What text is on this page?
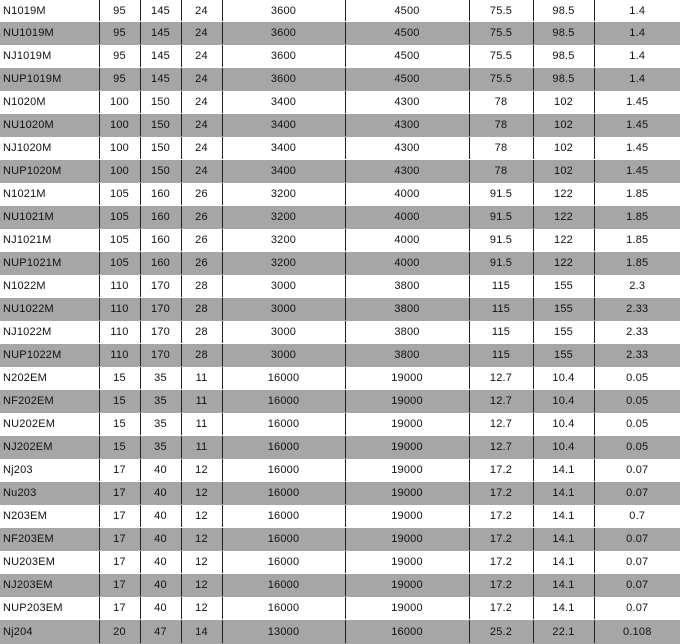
N1019M	95	145	24	3600	4500	75.5	98.5	1.4
NU1019M	95	145	24	3600	4500	75.5	98.5	1.4
NJ1019M	95	145	24	3600	4500	75.5	98.5	1.4
NUP1019M	95	145	24	3600	4500	75.5	98.5	1.4
N1020M	100	150	24	3400	4300	78	102	1.45
NU1020M	100	150	24	3400	4300	78	102	1.45
NJ1020M	100	150	24	3400	4300	78	102	1.45
NUP1020M	100	150	24	3400	4300	78	102	1.45
N1021M	105	160	26	3200	4000	91.5	122	1.85
NU1021M	105	160	26	3200	4000	91.5	122	1.85
NJ1021M	105	160	26	3200	4000	91.5	122	1.85
NUP1021M	105	160	26	3200	4000	91.5	122	1.85
N1022M	110	170	28	3000	3800	115	155	2.3
NU1022M	110	170	28	3000	3800	115	155	2.33
NJ1022M	110	170	28	3000	3800	115	155	2.33
NUP1022M	110	170	28	3000	3800	115	155	2.33
N202EM	15	35	11	16000	19000	12.7	10.4	0.05
NF202EM	15	35	11	16000	19000	12.7	10.4	0.05
NU202EM	15	35	11	16000	19000	12.7	10.4	0.05
NJ202EM	15	35	11	16000	19000	12.7	10.4	0.05
Nj203	17	40	12	16000	19000	17.2	14.1	0.07
Nu203	17	40	12	16000	19000	17.2	14.1	0.07
N203EM	17	40	12	16000	19000	17.2	14.1	0.7
NF203EM	17	40	12	16000	19000	17.2	14.1	0.07
NU203EM	17	40	12	16000	19000	17.2	14.1	0.07
NJ203EM	17	40	12	16000	19000	17.2	14.1	0.07
NUP203EM	17	40	12	16000	19000	17.2	14.1	0.07
Nj204	20	47	14	13000	16000	25.2	22.1	0.108
